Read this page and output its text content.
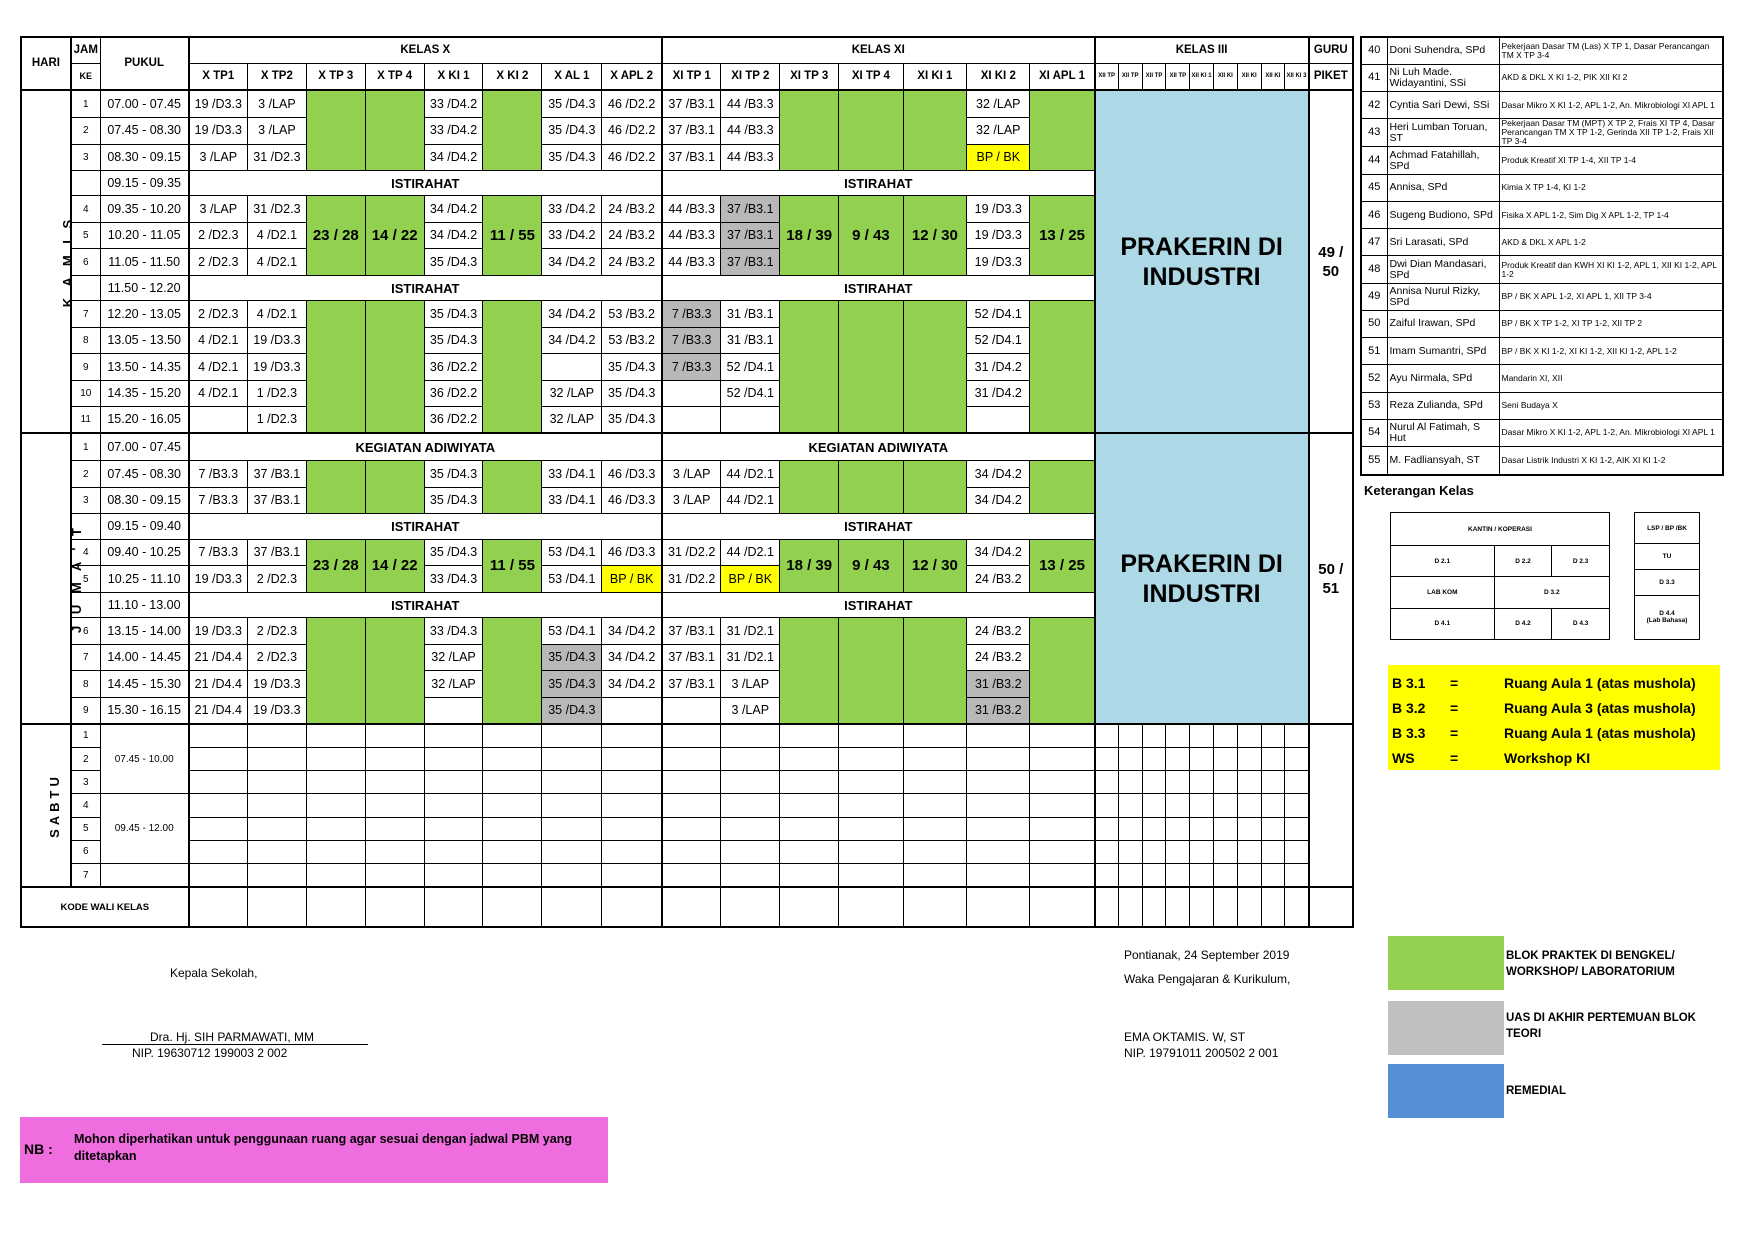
HARI	JAM	PUKUL	KELAS X								KELAS XI							KELAS III									GURU
	KE		X TP1	X TP2	X TP 3	X TP 4	X KI 1	X KI 2	X AL 1	X APL 2	XI TP 1	XI TP 2	XI TP 3	XI TP 4	XI KI 1	XI KI 2	XI APL 1	XII TP	XII TP	XII TP	XII TP	XII KI 1	XII KI	XII KI	XII KI	XII KI 3	PIKET
K A M I S	1	07.00 - 07.45	19 /D3.3	3 /LAP			33 /D4.2		35 /D4.3	46 /D2.2	37 /B3.1	44 /B3.3				32 /LAP		PRAKERIN DI INDUSTRI									49 / 50
	2	07.45 - 08.30	19 /D3.3	3 /LAP			33 /D4.2		35 /D4.3	46 /D2.2	37 /B3.1	44 /B3.3				32 /LAP											
	3	08.30 - 09.15	3 /LAP	31 /D2.3			34 /D4.2		35 /D4.3	46 /D2.2	37 /B3.1	44 /B3.3				BP / BK											
		09.15 - 09.35	ISTIRAHAT								ISTIRAHAT																
	4	09.35 - 10.20	3 /LAP	31 /D2.3	23 / 28	14 / 22	34 /D4.2	11 / 55	33 /D4.2	24 /B3.2	44 /B3.3	37 /B3.1	18 / 39	9 / 43	12 / 30	19 /D3.3	13 / 25										
	5	10.20 - 11.05	2 /D2.3	4 /D2.1			34 /D4.2		33 /D4.2	24 /B3.2	44 /B3.3	37 /B3.1				19 /D3.3											
	6	11.05 - 11.50	2 /D2.3	4 /D2.1			35 /D4.3		34 /D4.2	24 /B3.2	44 /B3.3	37 /B3.1				19 /D3.3											
		11.50 - 12.20	ISTIRAHAT								ISTIRAHAT																
	7	12.20 - 13.05	2 /D2.3	4 /D2.1			35 /D4.3		34 /D4.2	53 /B3.2	7 /B3.3	31 /B3.1				52 /D4.1											
	8	13.05 - 13.50	4 /D2.1	19 /D3.3			35 /D4.3		34 /D4.2	53 /B3.2	7 /B3.3	31 /B3.1				52 /D4.1											
	9	13.50 - 14.35	4 /D2.1	19 /D3.3			36 /D2.2			35 /D4.3	7 /B3.3	52 /D4.1				31 /D4.2											
	10	14.35 - 15.20	4 /D2.1	1 /D2.3			36 /D2.2		32 /LAP	35 /D4.3		52 /D4.1				31 /D4.2											
	11	15.20 - 16.05		1 /D2.3			36 /D2.2		32 /LAP	35 /D4.3																	
J U M A ' T	1	07.00 - 07.45	KEGIATAN ADIWIYATA								KEGIATAN ADIWIYATA							PRAKERIN DI INDUSTRI									50 / 51
	2	07.45 - 08.30	7 /B3.3	37 /B3.1			35 /D4.3		33 /D4.1	46 /D3.3	3 /LAP	44 /D2.1				34 /D4.2											
	3	08.30 - 09.15	7 /B3.3	37 /B3.1			35 /D4.3		33 /D4.1	46 /D3.3	3 /LAP	44 /D2.1				34 /D4.2											
		09.15 - 09.40	ISTIRAHAT								ISTIRAHAT																
	4	09.40 - 10.25	7 /B3.3	37 /B3.1	23 / 28	14 / 22	35 /D4.3	11 / 55	53 /D4.1	46 /D3.3	31 /D2.2	44 /D2.1	18 / 39	9 / 43	12 / 30	34 /D4.2	13 / 25										
	5	10.25 - 11.10	19 /D3.3	2 /D2.3			33 /D4.3		53 /D4.1	BP / BK	31 /D2.2	BP / BK				24 /B3.2											
		11.10 - 13.00	ISTIRAHAT								ISTIRAHAT																
	6	13.15 - 14.00	19 /D3.3	2 /D2.3			33 /D4.3		53 /D4.1	34 /D4.2	37 /B3.1	31 /D2.1				24 /B3.2											
	7	14.00 - 14.45	21 /D4.4	2 /D2.3			32 /LAP		35 /D4.3	34 /D4.2	37 /B3.1	31 /D2.1				24 /B3.2											
	8	14.45 - 15.30	21 /D4.4	19 /D3.3			32 /LAP		35 /D4.3	34 /D4.2	37 /B3.1	3 /LAP				31 /B3.2											
	9	15.30 - 16.15	21 /D4.4	19 /D3.3					35 /D4.3			3 /LAP				31 /B3.2											
SABTU	1	07.45 - 10.00																									
	2																										
	3																										
	4	09.45 - 12.00																									
	5																										
	6																										
	7																										
KODE WALI KELAS																											
40	Doni Suhendra, SPd	Pekerjaan Dasar TM (Las) X TP 1, Dasar Perancangan TM X TP 3-4
41	Ni Luh Made. Widayantini, SSi	AKD & DKL X KI 1-2, PIK XII KI 2
42	Cyntia Sari Dewi, SSi	Dasar Mikro X KI 1-2, APL 1-2, An. Mikrobiologi XI APL 1
43	Heri Lumban Toruan, ST	Pekerjaan Dasar TM (MPT) X TP 2, Frais XI TP 4, Dasar Perancangan TM X TP 1-2, Gerinda XII TP 1-2, Frais XII TP 3-4
44	Achmad Fatahillah, SPd	Produk Kreatif XI TP 1-4, XII TP 1-4
45	Annisa, SPd	Kimia X TP 1-4, KI 1-2
46	Sugeng Budiono, SPd	Fisika X APL 1-2, Sim Dig X APL 1-2, TP 1-4
47	Sri Larasati, SPd	AKD & DKL X APL 1-2
48	Dwi Dian Mandasari, SPd	Produk Kreatif dan KWH XI KI 1-2, APL 1, XII KI 1-2, APL 1-2
49	Annisa Nurul Rizky, SPd	BP / BK X APL 1-2, XI APL 1, XII TP 3-4
50	Zaiful Irawan, SPd	BP / BK X TP 1-2, XI TP 1-2, XII TP 2
51	Imam Sumantri, SPd	BP / BK X KI 1-2, XI KI 1-2, XII KI 1-2, APL 1-2
52	Ayu Nirmala, SPd	Mandarin XI, XII
53	Reza Zulianda, SPd	Seni Budaya X
54	Nurul Al Fatimah, S Hut	Dasar Mikro X KI 1-2, APL 1-2, An. Mikrobiologi XI APL 1
55	M. Fadliansyah, ST	Dasar Listrik Industri X KI 1-2, AIK XI KI 1-2
Keterangan Kelas
KANTIN / KOPERASI		
D 2.1	D 2.2	D 2.3
LAB KOM	D 3.2	
D 4.1	D 4.2	D 4.3
LSP / BP /BK
TU
D 3.3
D 4.4
(Lab Bahasa)
B 3.1 =	Ruang Aula 1 (atas mushola)
B 3.2 =	Ruang Aula 3 (atas mushola)
B 3.3 =	Ruang Aula 1 (atas mushola)
WS	=	Workshop KI
BLOK PRAKTEK DI BENGKEL/ WORKSHOP/ LABORATORIUM
UAS DI AKHIR PERTEMUAN BLOK TEORI
REMEDIAL
Kepala Sekolah,
Dra. Hj. SIH PARMAWATI, MM
NIP. 19630712 199003 2 002
Pontianak, 24 September 2019
Waka Pengajaran & Kurikulum,
EMA OKTAMIS. W, ST
NIP. 19791011 200502 2 001
NB :
Mohon diperhatikan untuk penggunaan ruang agar sesuai dengan jadwal PBM yang ditetapkan
